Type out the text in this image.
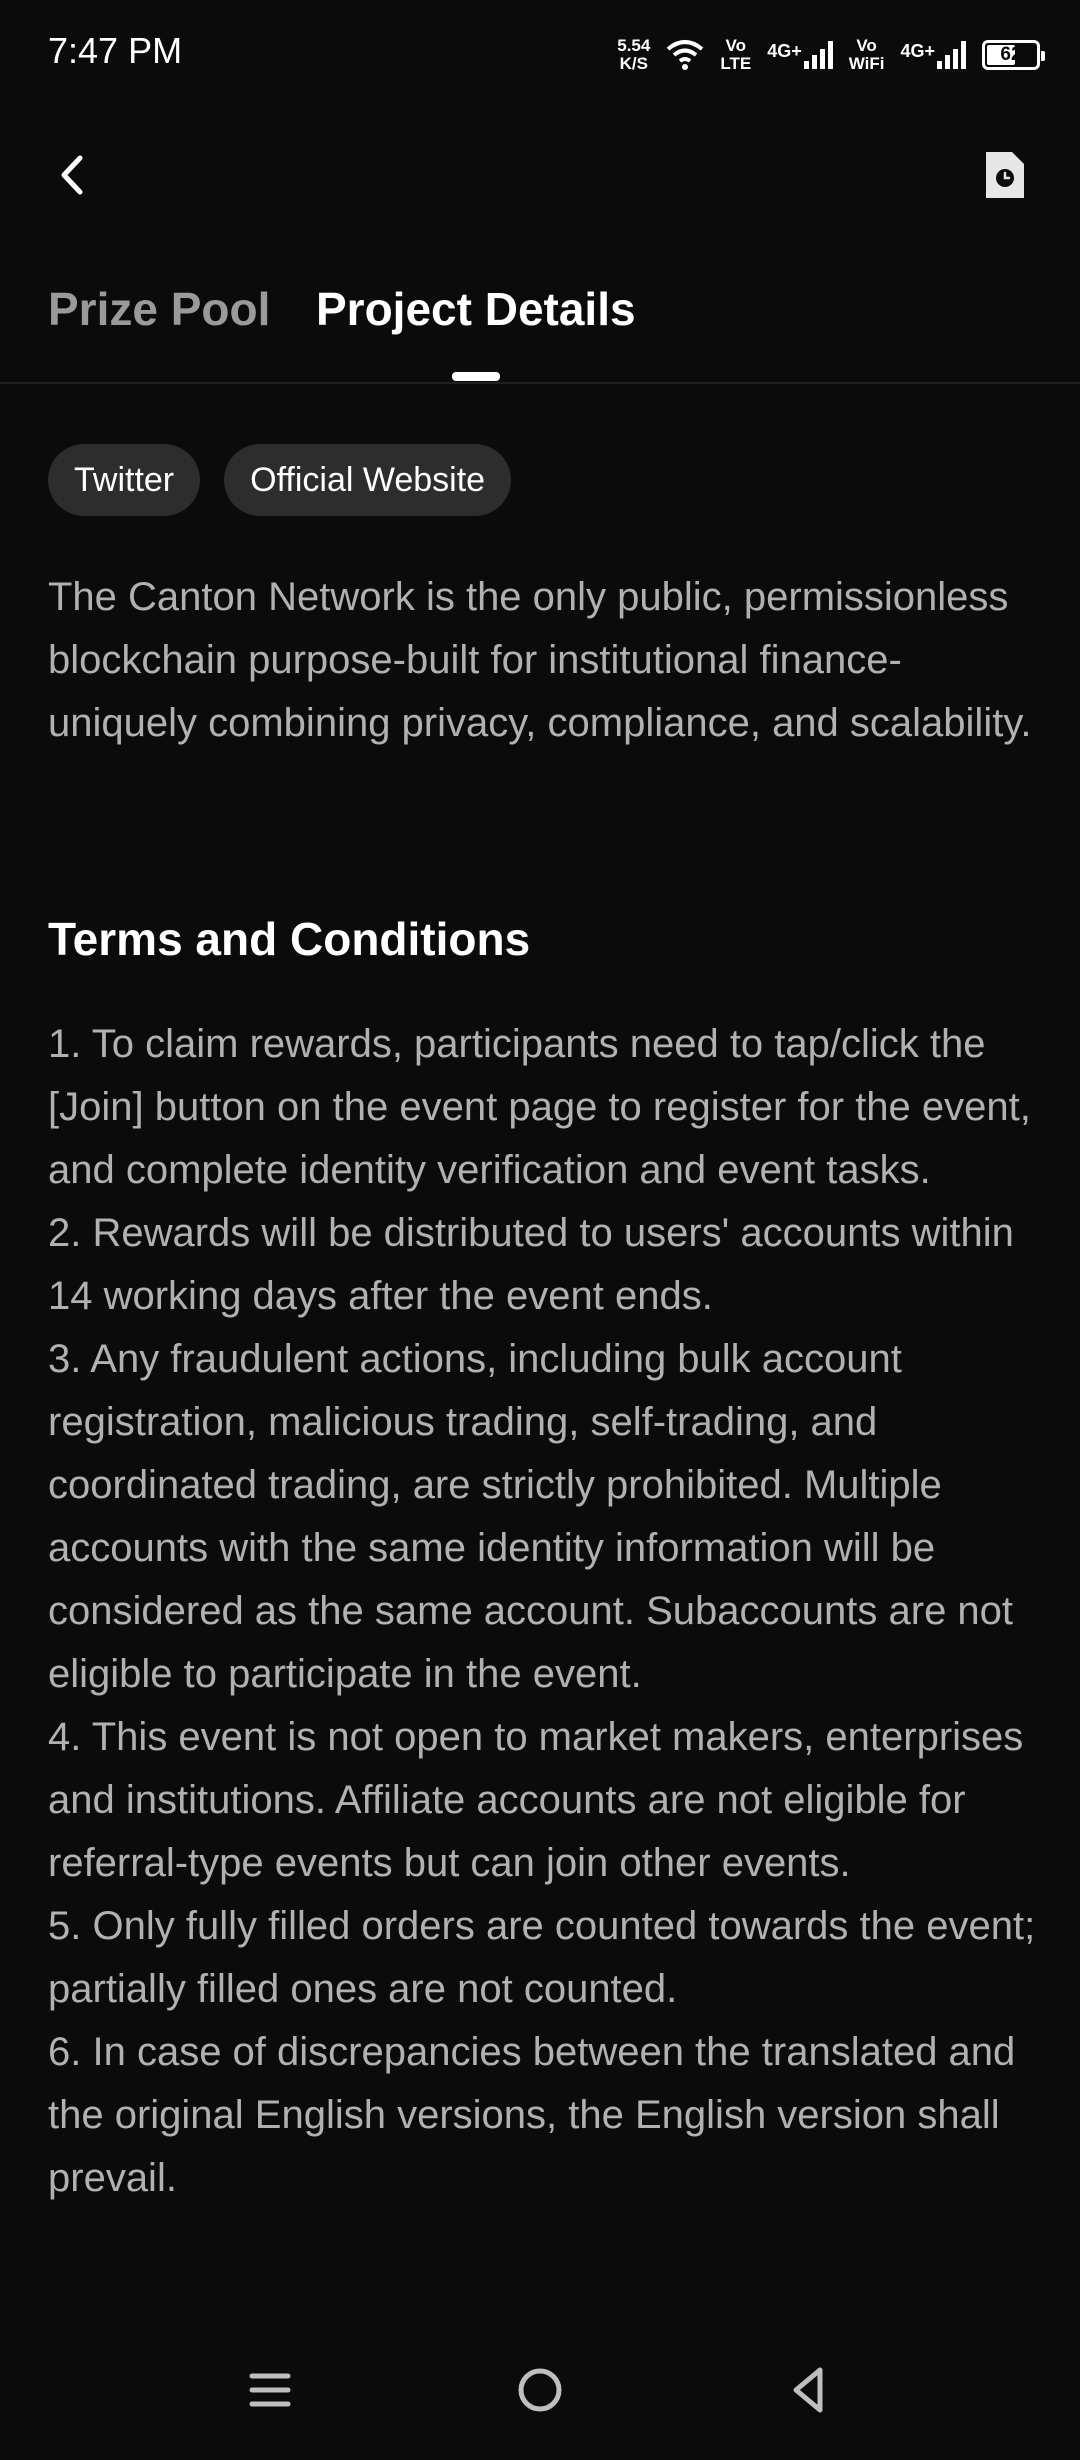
7:47 PM	5.54
K/S
Vo
LTE
4G+	Vo
WiFi
4G+	62
Prize Pool Project Details
Twitter	Official Website
The Canton Network is the only public, permissionless blockchain purpose-built for institutional finance- uniquely combining privacy, compliance, and scalability.
Terms and Conditions

1. To claim rewards, participants need to tap/click the [Join] button on the event page to register for the event, and complete identity verification and event tasks.

2. Rewards will be distributed to users' accounts within 14 working days after the event ends.

3. Any fraudulent actions, including bulk account registration, malicious trading, self-trading, and coordinated trading, are strictly prohibited. Multiple accounts with the same identity information will be considered as the same account. Subaccounts are not eligible to participate in the event.

4. This event is not open to market makers, enterprises and institutions. Affiliate accounts are not eligible for referral-type events but can join other events.

5. Only fully filled orders are counted towards the event; partially filled ones are not counted.

6. In case of discrepancies between the translated and the original English versions, the English version shall prevail.
